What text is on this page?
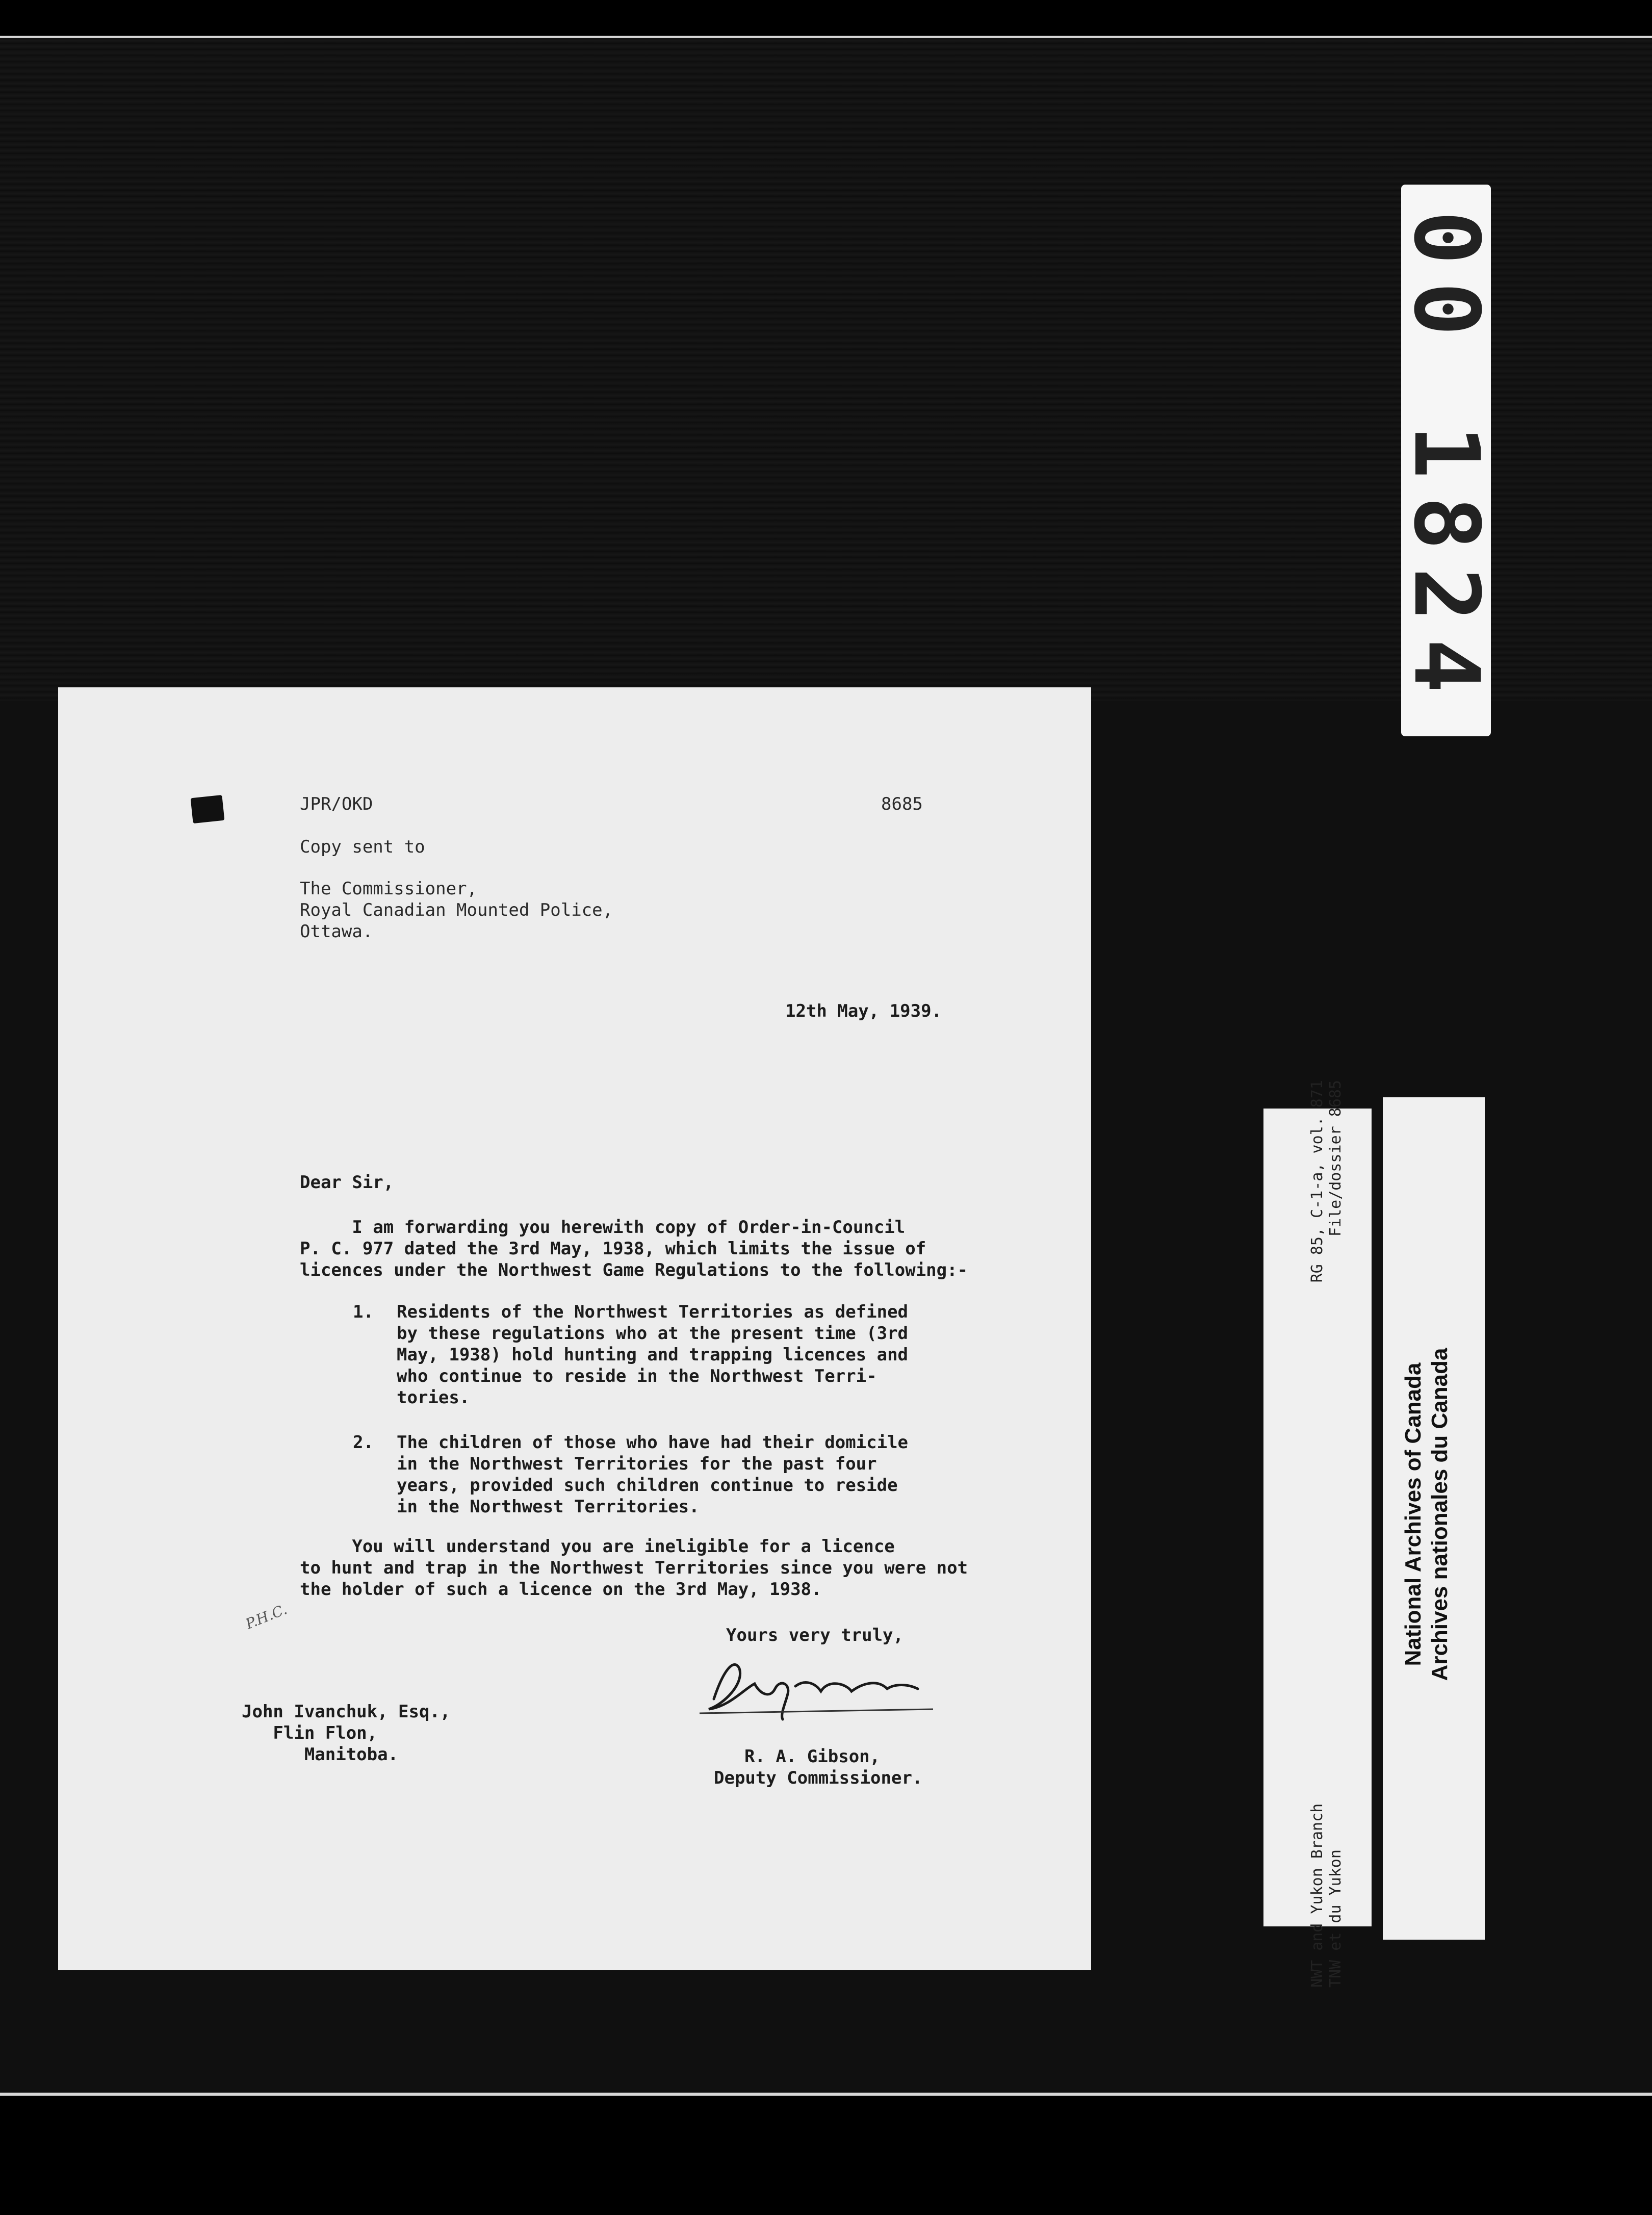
00 1824
JPR/OKD	8685
Copy sent to
The Commissioner,
Royal Canadian Mounted Police,
Ottawa.
12th May, 1939.
Dear Sir,
I am forwarding you herewith copy of Order-in-Council
P. C. 977 dated the 3rd May, 1938, which limits the issue of
licences under the Northwest Game Regulations to the following:-
1. Residents of the Northwest Territories as defined
by these regulations who at the present time (3rd
May, 1938) hold hunting and trapping licences and
who continue to reside in the Northwest Terri-
tories.
2. The children of those who have had their domicile
in the Northwest Territories for the past four
years, provided such children continue to reside
in the Northwest Territories.
You will understand you are ineligible for a licence
to hunt and trap in the Northwest Territories since you were not
the holder of such a licence on the 3rd May, 1938.
P.H.C.
Yours very truly,
John Ivanchuk, Esq.,
Flin Flon,
Manitoba.	R. A. Gibson,
Deputy Commissioner.
NWT and Yukon Branch TNW et du Yukon
RG 85, C-1-a, vol. 871 File/dossier 8685
National Archives of Canada Archives nationales du Canada
